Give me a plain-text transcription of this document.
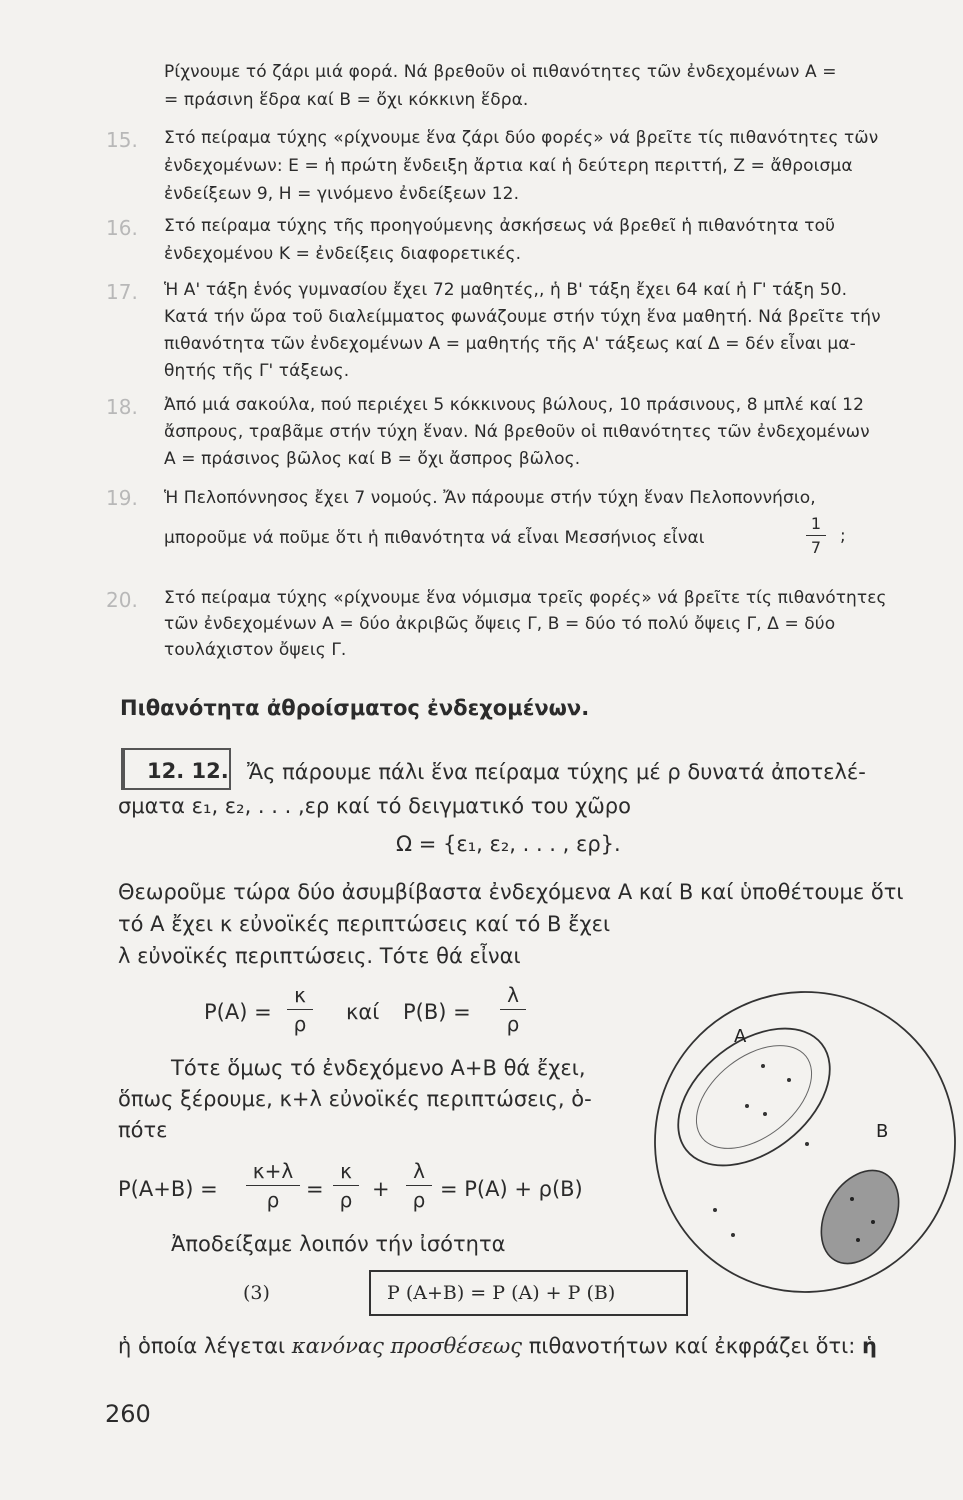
Ρίχνουμε τό ζάρι μιά φορά. Νά βρεθοῦν οἱ πιθανότητες τῶν ἐνδεχομένων Α =
= πράσινη ἕδρα καί Β = ὄχι κόκκινη ἕδρα.
15.	Στό πείραμα τύχης «ρίχνουμε ἕνα ζάρι δύο φορές» νά βρεῖτε τίς πιθανότητες τῶν
ἐνδεχομένων: Ε = ἡ πρώτη ἔνδειξη ἄρτια καί ἡ δεύτερη περιττή, Ζ = ἄθροισμα
ἐνδείξεων 9, Η = γινόμενο ἐνδείξεων 12.
16.	Στό πείραμα τύχης τῆς προηγούμενης ἀσκήσεως νά βρεθεῖ ἡ πιθανότητα τοῦ
ἐνδεχομένου Κ = ἐνδείξεις διαφορετικές.
17.	Ἡ Α' τάξη ἑνός γυμνασίου ἔχει 72 μαθητές,, ἡ Β' τάξη ἔχει 64 καί ἡ Γ' τάξη 50.
Κατά τήν ὥρα τοῦ διαλείμματος φωνάζουμε στήν τύχη ἕνα μαθητή. Νά βρεῖτε τήν
πιθανότητα τῶν ἐνδεχομένων Α = μαθητής τῆς Α' τάξεως καί Δ = δέν εἶναι μα-
θητής τῆς Γ' τάξεως.
18.	Ἀπό μιά σακούλα, πού περιέχει 5 κόκκινους βώλους, 10 πράσινους, 8 μπλέ καί 12
ἄσπρους, τραβᾶμε στήν τύχη ἕναν. Νά βρεθοῦν οἱ πιθανότητες τῶν ἐνδεχομένων
Α = πράσινος βῶλος καί Β = ὄχι ἄσπρος βῶλος.
19.	Ἡ Πελοπόννησος ἔχει 7 νομούς. Ἄν πάρουμε στήν τύχη ἕναν Πελοποννήσιο,
μποροῦμε νά ποῦμε ὅτι ἡ πιθανότητα νά εἶναι Μεσσήνιος εἶναι
1
7
;
20.	Στό πείραμα τύχης «ρίχνουμε ἕνα νόμισμα τρεῖς φορές» νά βρεῖτε τίς πιθανότητες
τῶν ἐνδεχομένων Α = δύο ἀκριβῶς ὄψεις Γ, Β = δύο τό πολύ ὄψεις Γ, Δ = δύο
τουλάχιστον ὄψεις Γ.
Πιθανότητα ἀθροίσματος ἐνδεχομένων.
12. 12. Ἄς πάρουμε πάλι ἕνα πείραμα τύχης μέ ρ δυνατά ἀποτελέ-
σματα ε₁, ε₂, . . . ,ερ καί τό δειγματικό του χῶρο
Ω = {ε₁, ε₂, . . . , ερ}.
Θεωροῦμε τώρα δύο ἀσυμβίβαστα ἐνδεχόμενα Α καί Β καί ὑποθέτουμε ὅτι
τό Α ἔχει κ εὐνοϊκές περιπτώσεις καί τό Β ἔχει
λ εὐνοϊκές περιπτώσεις. Τότε θά εἶναι
P(A) =
κ
ρ	καί P(B) =
λ
ρ
Τότε ὅμως τό ἐνδεχόμενο Α+Β θά ἔχει,
ὅπως ξέρουμε, κ+λ εὐνοϊκές περιπτώσεις, ὁ-
πότε
P(A+B) =
κ+λ
ρ	=
κ
ρ +
λ
ρ = P(A) + ρ(B)
Ἀποδείξαμε λοιπόν τήν ἰσότητα
(3)	P (A+B) = P (A) + P (B)
ἡ ὁποία λέγεται κανόνας προσθέσεως πιθανοτήτων καί ἐκφράζει ὅτι: ἡ
A
B
260
